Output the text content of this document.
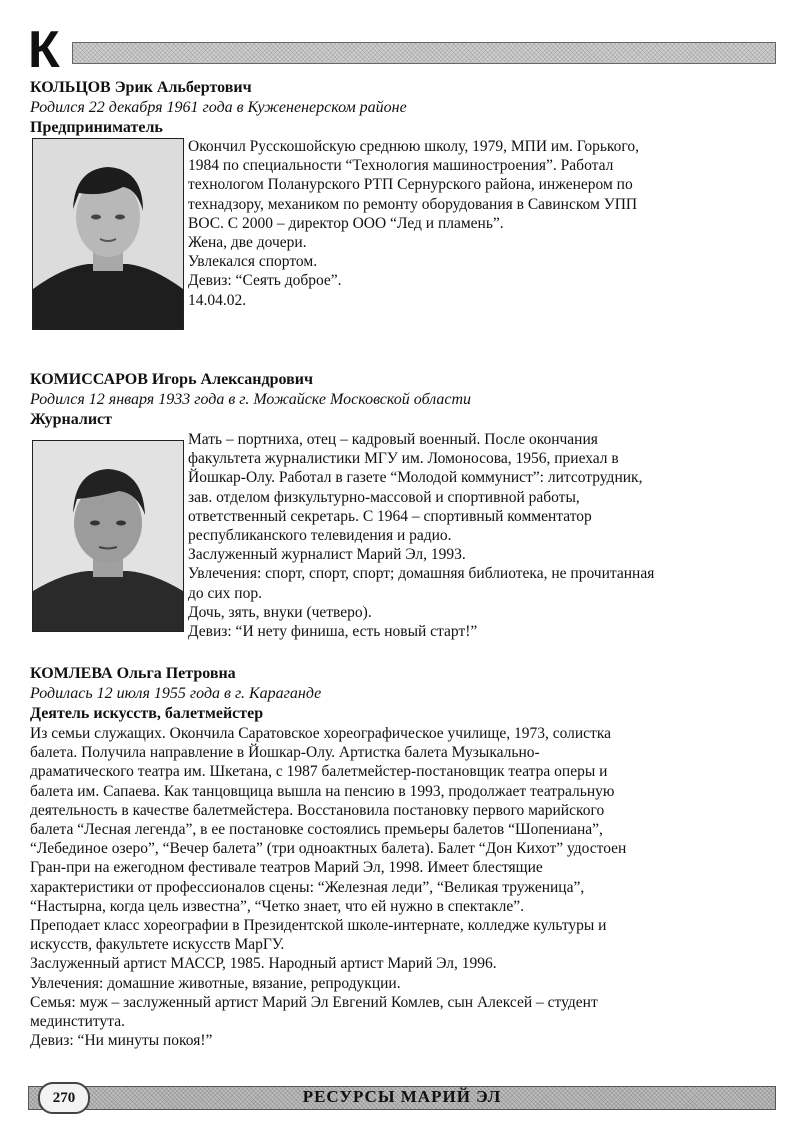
К
КОЛЬЦОВ Эрик Альбертович
Родился 22 декабря 1961 года в Кужененерском районе
Предприниматель

Окончил Русскошойскую среднюю школу, 1979, МПИ им. Горького,

1984 по специальности “Технология машиностроения”. Работал

технологом Поланурского РТП Сернурского района, инженером по

технадзору, механиком по ремонту оборудования в Савинском УПП

ВОС. С 2000 – директор ООО “Лед и пламень”.

Жена, две дочери.

Увлекался спортом.

Девиз: “Сеять доброе”.

14.04.02.

КОМИССАРОВ Игорь Александрович
Родился 12 января 1933 года в г. Можайске Московской области
Журналист

Мать – портниха, отец – кадровый военный. После окончания

факультета журналистики МГУ им. Ломоносова, 1956, приехал в

Йошкар-Олу. Работал в газете “Молодой коммунист”: литсотрудник,

зав. отделом физкультурно-массовой и спортивной работы,

ответственный секретарь. С 1964 – спортивный комментатор

республиканского телевидения и радио.

Заслуженный журналист Марий Эл, 1993.

Увлечения: спорт, спорт, спорт; домашняя библиотека, не прочитанная

до сих пор.

Дочь, зять, внуки (четверо).

Девиз: “И нету финиша, есть новый старт!”

КОМЛЕВА Ольга Петровна
Родилась 12 июля 1955 года в г. Караганде
Деятель искусств, балетмейстер

Из семьи служащих. Окончила Саратовское хореографическое училище, 1973, солистка

балета. Получила направление в Йошкар-Олу. Артистка балета Музыкально-

драматического театра им. Шкетана, с 1987 балетмейстер-постановщик театра оперы и

балета им. Сапаева. Как танцовщица вышла на пенсию в 1993, продолжает театральную

деятельность в качестве балетмейстера. Восстановила постановку первого марийского

балета “Лесная легенда”, в ее постановке состоялись премьеры балетов “Шопениана”,

“Лебединое озеро”, “Вечер балета” (три одноактных балета). Балет “Дон Кихот” удостоен

Гран-при на ежегодном фестивале театров Марий Эл, 1998. Имеет блестящие

характеристики от профессионалов сцены: “Железная леди”, “Великая труженица”,

“Настырна, когда цель известна”, “Четко знает, что ей нужно в спектакле”.

Преподает класс хореографии в Президентской школе-интернате, колледже культуры и

искусств, факультете искусств МарГУ.

Заслуженный артист МАССР, 1985. Народный артист Марий Эл, 1996.

Увлечения: домашние животные, вязание, репродукции.

Семья: муж – заслуженный артист Марий Эл Евгений Комлев, сын Алексей – студент

мединститута.

Девиз: “Ни минуты покоя!”

РЕСУРСЫ МАРИЙ ЭЛ
270
